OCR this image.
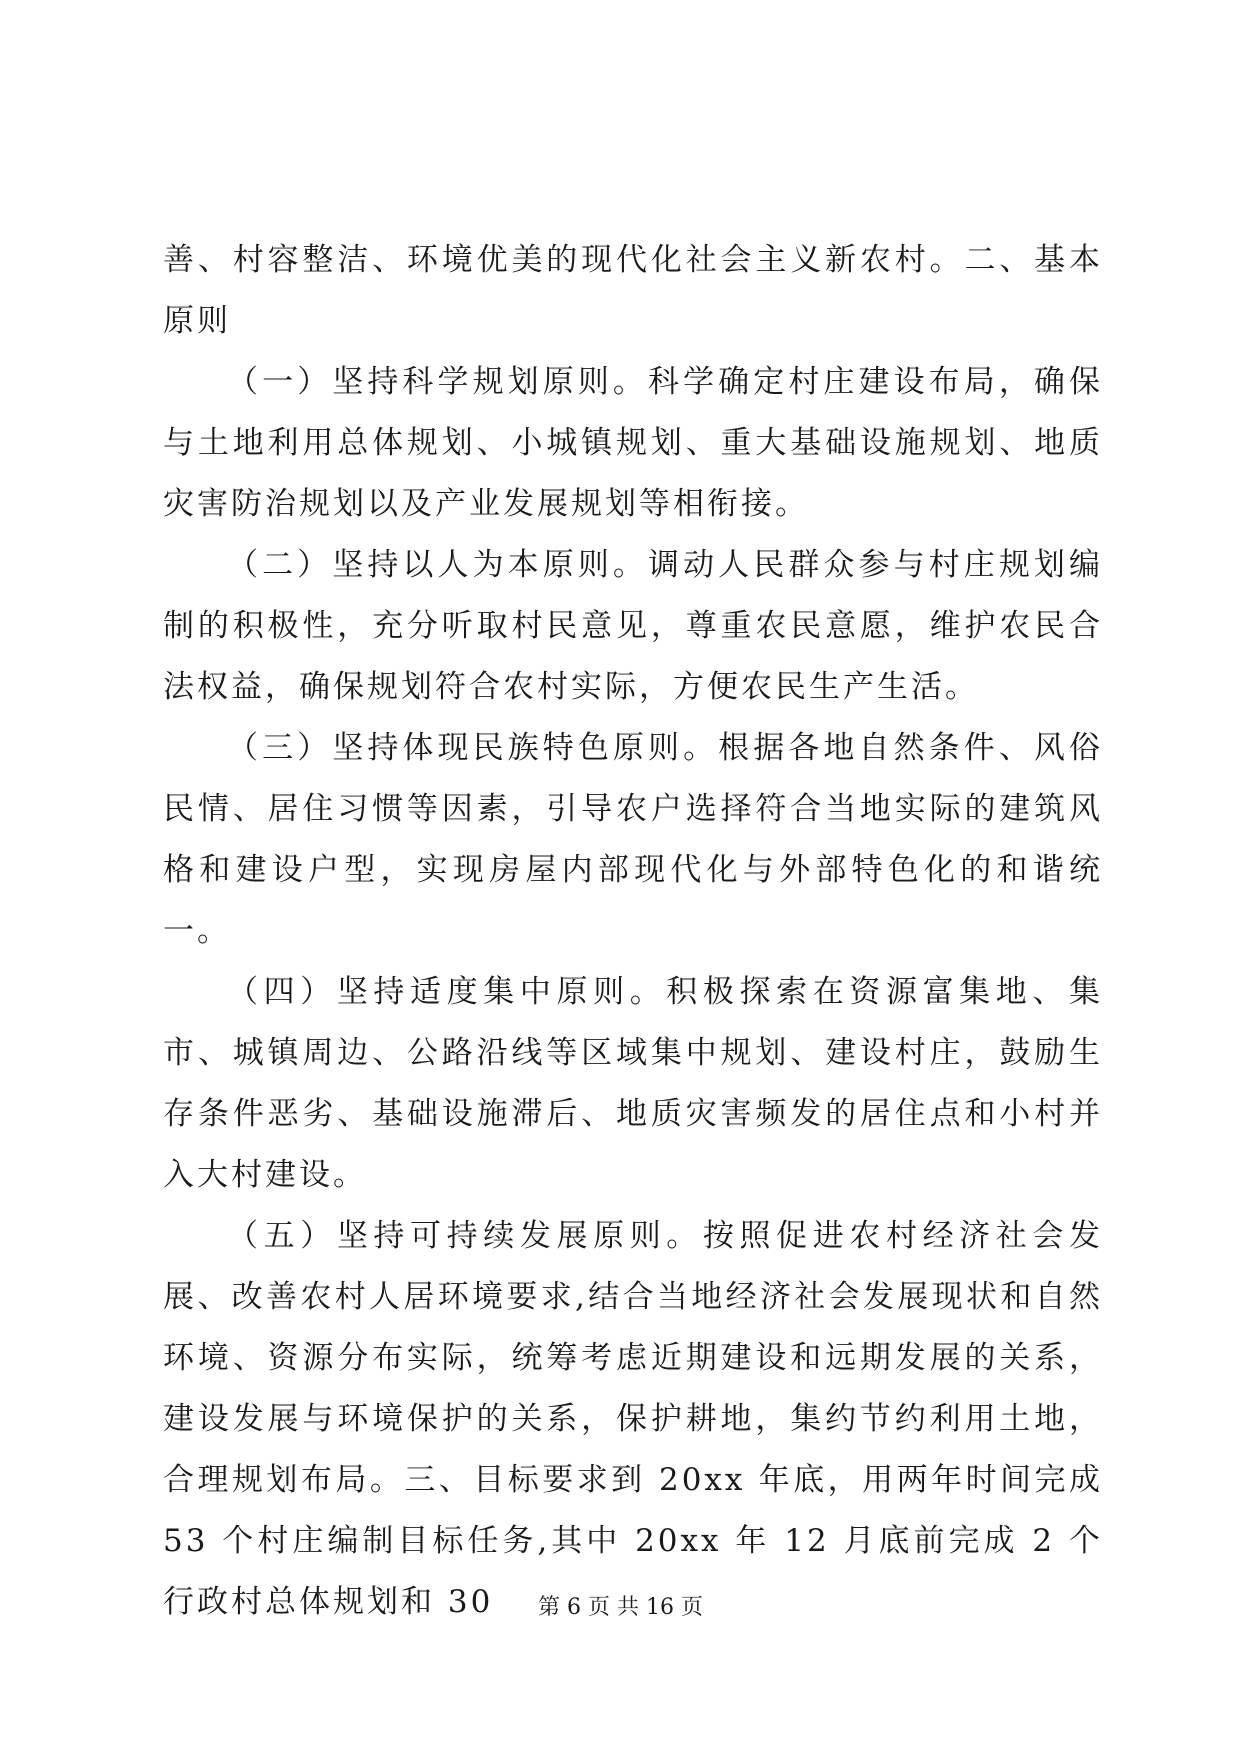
善、村容整洁、环境优美的现代化社会主义新农村。二、基本原则

（一）坚持科学规划原则。科学确定村庄建设布局，确保与土地利用总体规划、小城镇规划、重大基础设施规划、地质灾害防治规划以及产业发展规划等相衔接。

（二）坚持以人为本原则。调动人民群众参与村庄规划编制的积极性，充分听取村民意见，尊重农民意愿，维护农民合法权益，确保规划符合农村实际，方便农民生产生活。

（三）坚持体现民族特色原则。根据各地自然条件、风俗民情、居住习惯等因素，引导农户选择符合当地实际的建筑风格和建设户型，实现房屋内部现代化与外部特色化的和谐统一。

（四）坚持适度集中原则。积极探索在资源富集地、集市、城镇周边、公路沿线等区域集中规划、建设村庄，鼓励生存条件恶劣、基础设施滞后、地质灾害频发的居住点和小村并入大村建设。

（五）坚持可持续发展原则。按照促进农村经济社会发展、改善农村人居环境要求,结合当地经济社会发展现状和自然环境、资源分布实际，统筹考虑近期建设和远期发展的关系，建设发展与环境保护的关系，保护耕地，集约节约利用土地，合理规划布局。三、目标要求到 20xx 年底，用两年时间完成 53 个村庄编制目标任务,其中 20xx 年 12 月底前完成 2 个行政村总体规划和 30	第 6 页 共 16 页
